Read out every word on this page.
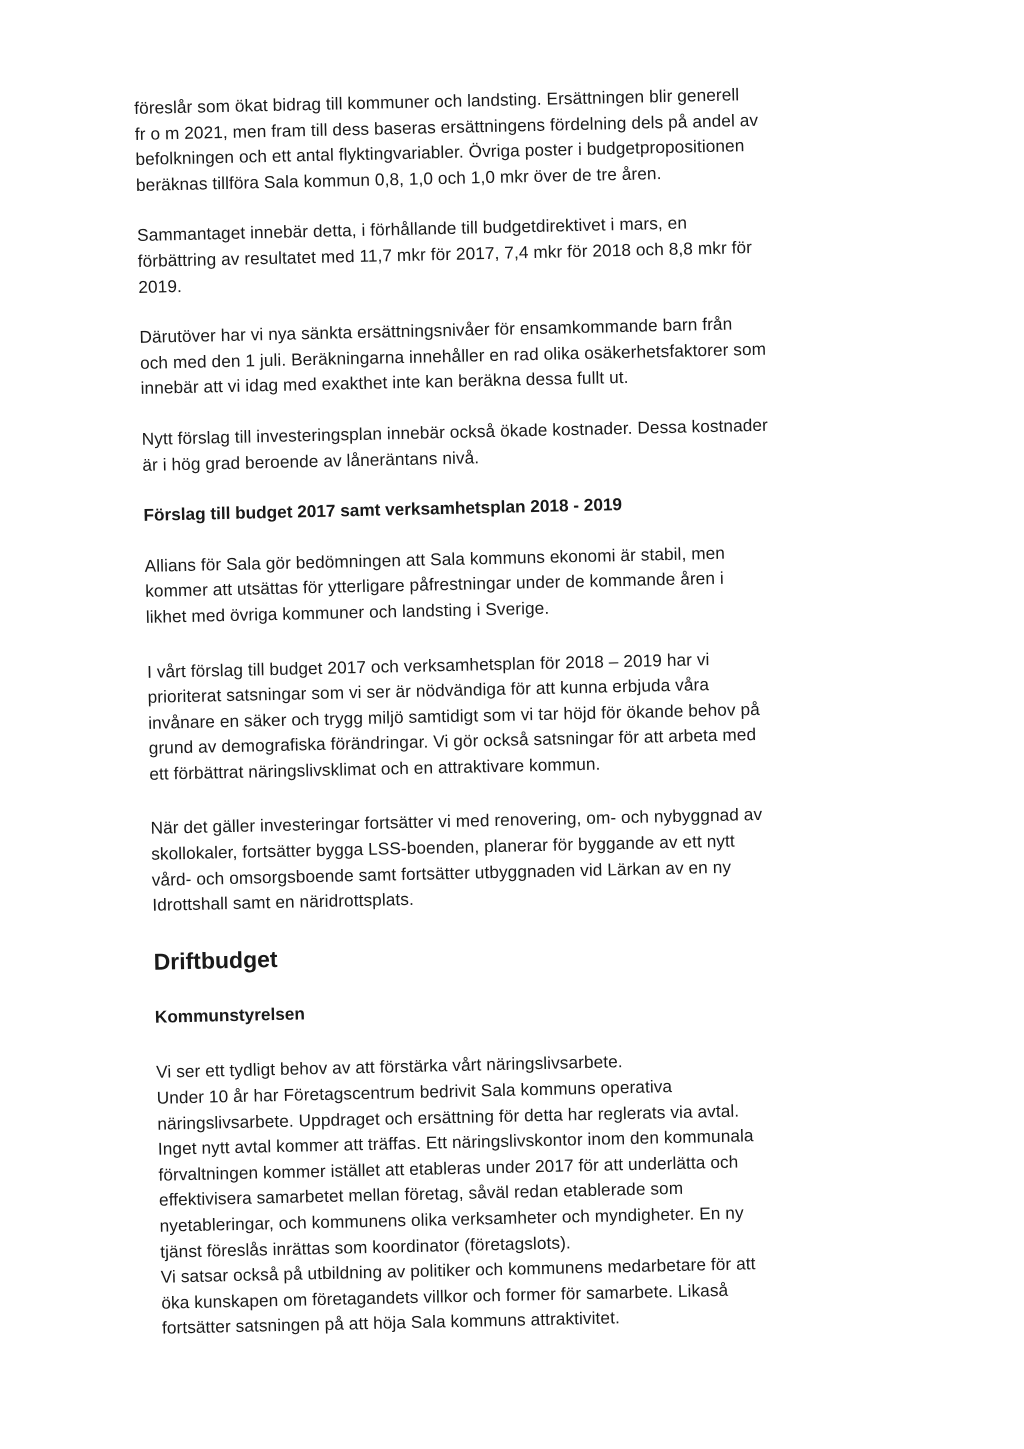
föreslår som ökat bidrag till kommuner och landsting. Ersättningen blir generell
fr o m 2021, men fram till dess baseras ersättningens fördelning dels på andel av
befolkningen och ett antal flyktingvariabler. Övriga poster i budgetpropositionen
beräknas tillföra Sala kommun 0,8, 1,0 och 1,0 mkr över de tre åren.

Sammantaget innebär detta, i förhållande till budgetdirektivet i mars, en
förbättring av resultatet med 11,7 mkr för 2017, 7,4 mkr för 2018 och 8,8 mkr för
2019.

Därutöver har vi nya sänkta ersättningsnivåer för ensamkommande barn från
och med den 1 juli. Beräkningarna innehåller en rad olika osäkerhetsfaktorer som
innebär att vi idag med exakthet inte kan beräkna dessa fullt ut.

Nytt förslag till investeringsplan innebär också ökade kostnader. Dessa kostnader
är i hög grad beroende av låneräntans nivå.

Förslag till budget 2017 samt verksamhetsplan 2018 - 2019

Allians för Sala gör bedömningen att Sala kommuns ekonomi är stabil, men
kommer att utsättas för ytterligare påfrestningar under de kommande åren i
likhet med övriga kommuner och landsting i Sverige.

I vårt förslag till budget 2017 och verksamhetsplan för 2018 – 2019 har vi
prioriterat satsningar som vi ser är nödvändiga för att kunna erbjuda våra
invånare en säker och trygg miljö samtidigt som vi tar höjd för ökande behov på
grund av demografiska förändringar. Vi gör också satsningar för att arbeta med
ett förbättrat näringslivsklimat och en attraktivare kommun.

När det gäller investeringar fortsätter vi med renovering, om- och nybyggnad av
skollokaler, fortsätter bygga LSS-boenden, planerar för byggande av ett nytt
vård- och omsorgsboende samt fortsätter utbyggnaden vid Lärkan av en ny
Idrottshall samt en näridrottsplats.

Driftbudget
Kommunstyrelsen

Vi ser ett tydligt behov av att förstärka vårt näringslivsarbete.
Under 10 år har Företagscentrum bedrivit Sala kommuns operativa
näringslivsarbete. Uppdraget och ersättning för detta har reglerats via avtal.
Inget nytt avtal kommer att träffas. Ett näringslivskontor inom den kommunala
förvaltningen kommer istället att etableras under 2017 för att underlätta och
effektivisera samarbetet mellan företag, såväl redan etablerade som
nyetableringar, och kommunens olika verksamheter och myndigheter. En ny
tjänst föreslås inrättas som koordinator (företagslots).
Vi satsar också på utbildning av politiker och kommunens medarbetare för att
öka kunskapen om företagandets villkor och former för samarbete. Likaså
fortsätter satsningen på att höja Sala kommuns attraktivitet.
